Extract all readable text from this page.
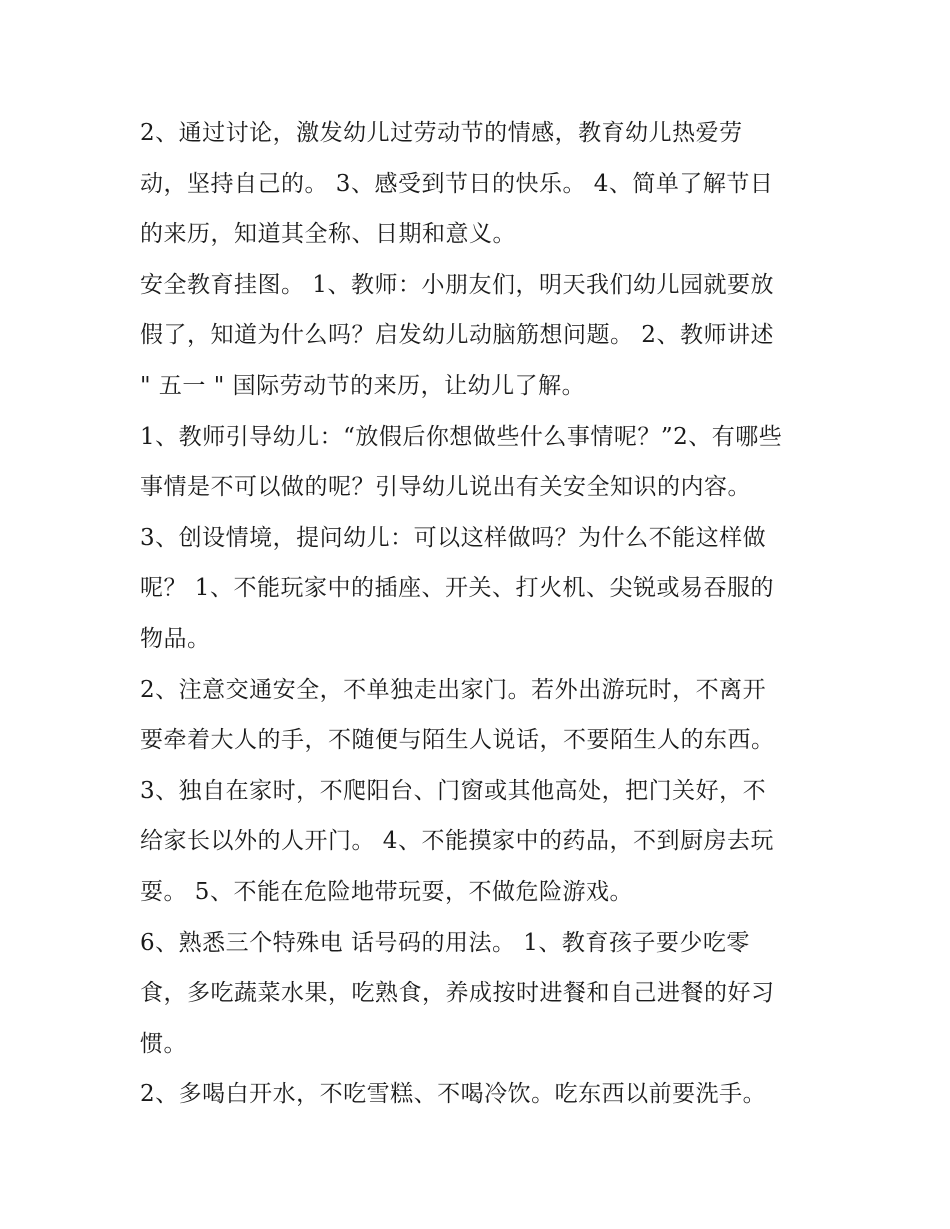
2、通过讨论，激发幼儿过劳动节的情感，教育幼儿热爱劳
动，坚持自己的。 3、感受到节日的快乐。 4、简单了解节日
的来历，知道其全称、日期和意义。
安全教育挂图。 1、教师：小朋友们，明天我们幼儿园就要放
假了，知道为什么吗？启发幼儿动脑筋想问题。 2、教师讲述
" 五一 " 国际劳动节的来历，让幼儿了解。
1、教师引导幼儿：“放假后你想做些什么事情呢？”2、有哪些
事情是不可以做的呢？引导幼儿说出有关安全知识的内容。
3、创设情境，提问幼儿：可以这样做吗？为什么不能这样做
呢？ 1、不能玩家中的插座、开关、打火机、尖锐或易吞服的
物品。
2、注意交通安全，不单独走出家门。若外出游玩时，不离开
要牵着大人的手，不随便与陌生人说话，不要陌生人的东西。
3、独自在家时，不爬阳台、门窗或其他高处，把门关好，不
给家长以外的人开门。 4、不能摸家中的药品，不到厨房去玩
耍。 5、不能在危险地带玩耍，不做危险游戏。
6、熟悉三个特殊电 话号码的用法。 1、教育孩子要少吃零
食，多吃蔬菜水果，吃熟食，养成按时进餐和自己进餐的好习
惯。
2、多喝白开水，不吃雪糕、不喝冷饮。吃东西以前要洗手。
